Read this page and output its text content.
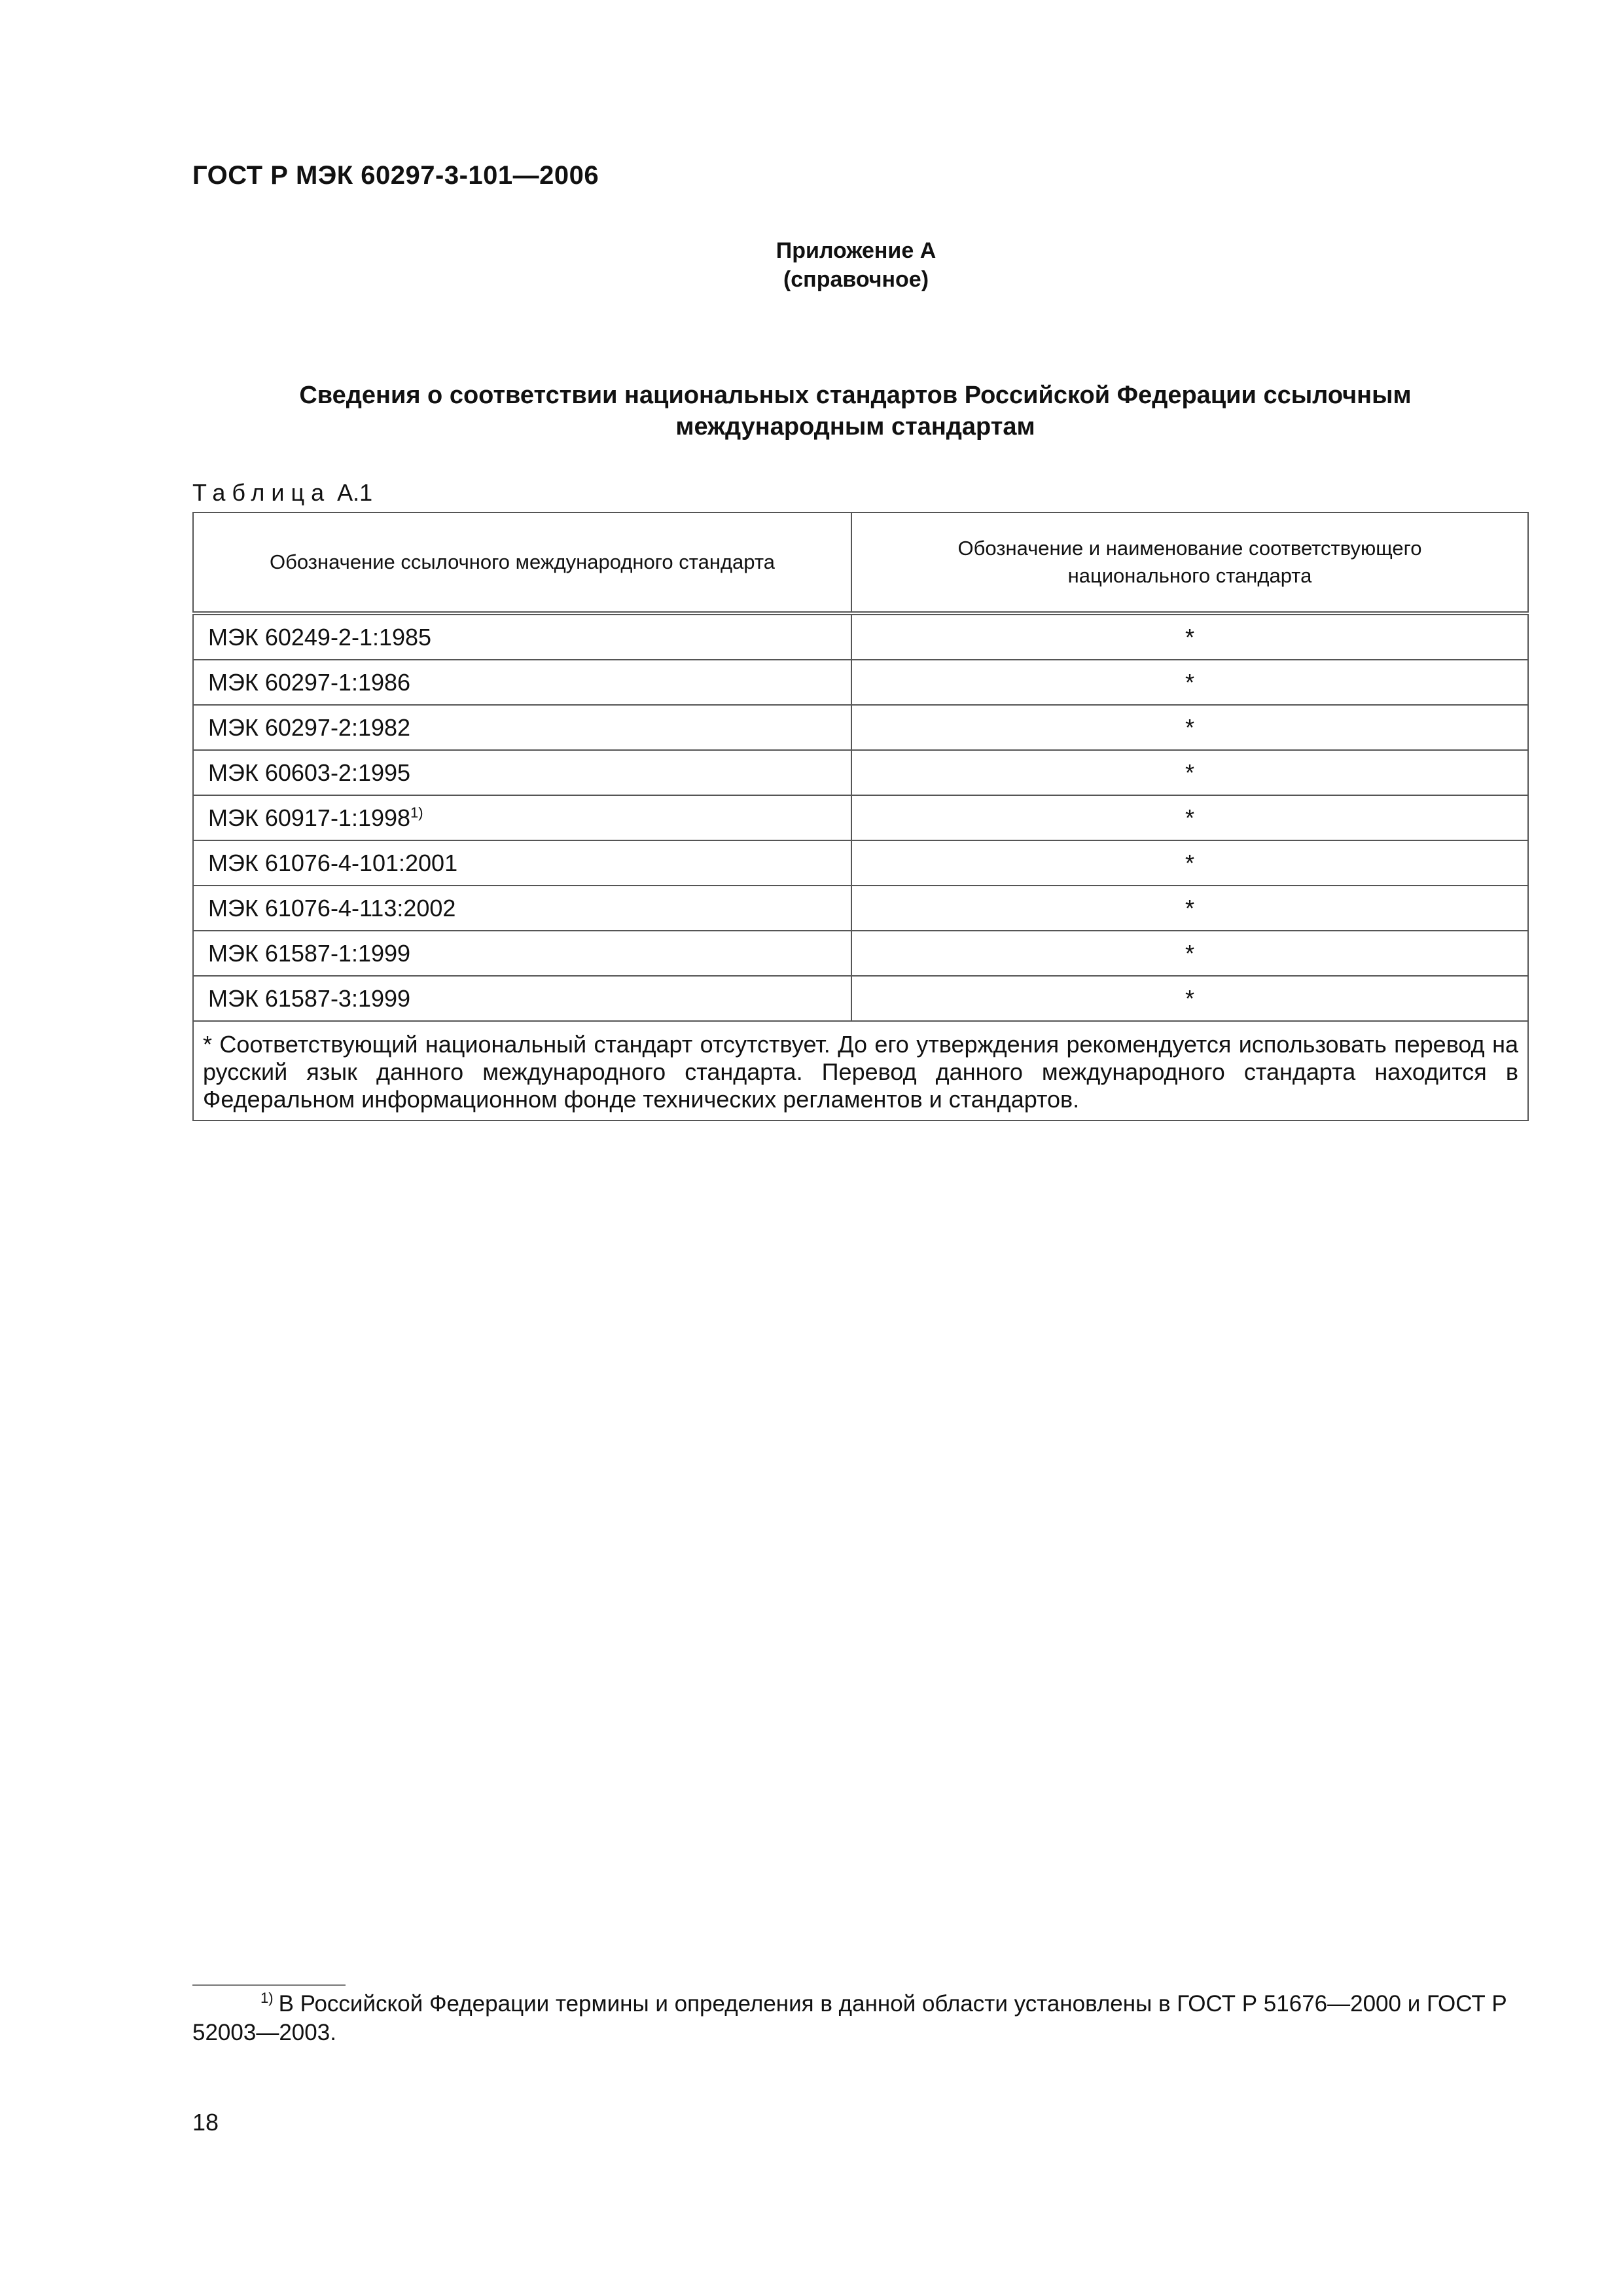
ГОСТ Р МЭК 60297-3-101—2006
Приложение А
(справочное)
Сведения о соответствии национальных стандартов Российской Федерации ссылочным
международным стандартам
Таблица А.1
Обозначение ссылочного международного стандарта	Обозначение и наименование соответствующего
национального стандарта

МЭК 60249-2-1:1985	*
МЭК 60297-1:1986	*
МЭК 60297-2:1982	*
МЭК 60603-2:1995	*
МЭК 60917-1:1998$^{1)}$	*
МЭК 61076-4-101:2001	*
МЭК 61076-4-113:2002	*
МЭК 61587-1:1999	*
МЭК 61587-3:1999	*
* Соответствующий национальный стандарт отсутствует. До его утверждения рекомендуется использовать перевод на русский язык данного международного стандарта. Перевод данного международного стандарта находится в Федеральном информационном фонде технических регламентов и стандартов.	
$^{1)}$ В Российской Федерации термины и определения в данной области установлены в ГОСТ Р 51676—2000 и ГОСТ Р 52003—2003.
18
